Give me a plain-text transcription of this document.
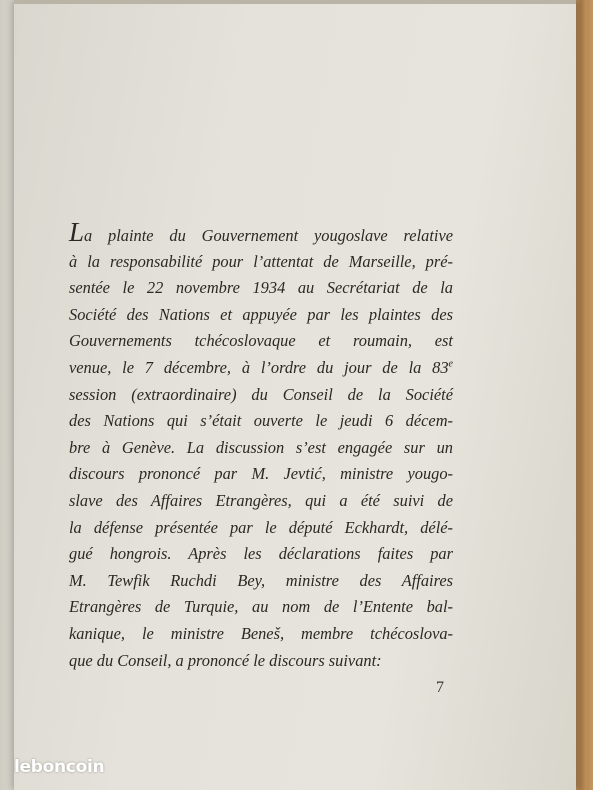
La plainte du Gouvernement yougoslave relative
à la responsabilité pour l’attentat de Marseille, pré-
sentée le 22 novembre 1934 au Secrétariat de la
Société des Nations et appuyée par les plaintes des
Gouvernements tchécoslovaque et roumain, est
venue, le 7 décembre, à l’ordre du jour de la 83e
session (extraordinaire) du Conseil de la Société
des Nations qui s’était ouverte le jeudi 6 décem-
bre à Genève. La discussion s’est engagée sur un
discours prononcé par M. Jevtić, ministre yougo-
slave des Affaires Etrangères, qui a été suivi de
la défense présentée par le député Eckhardt, délé-
gué hongrois. Après les déclarations faites par
M. Tewfik Ruchdi Bey, ministre des Affaires
Etrangères de Turquie, au nom de l’Entente bal-
kanique, le ministre Beneš, membre tchécoslova-
que du Conseil, a prononcé le discours suivant:
7
leboncoin
